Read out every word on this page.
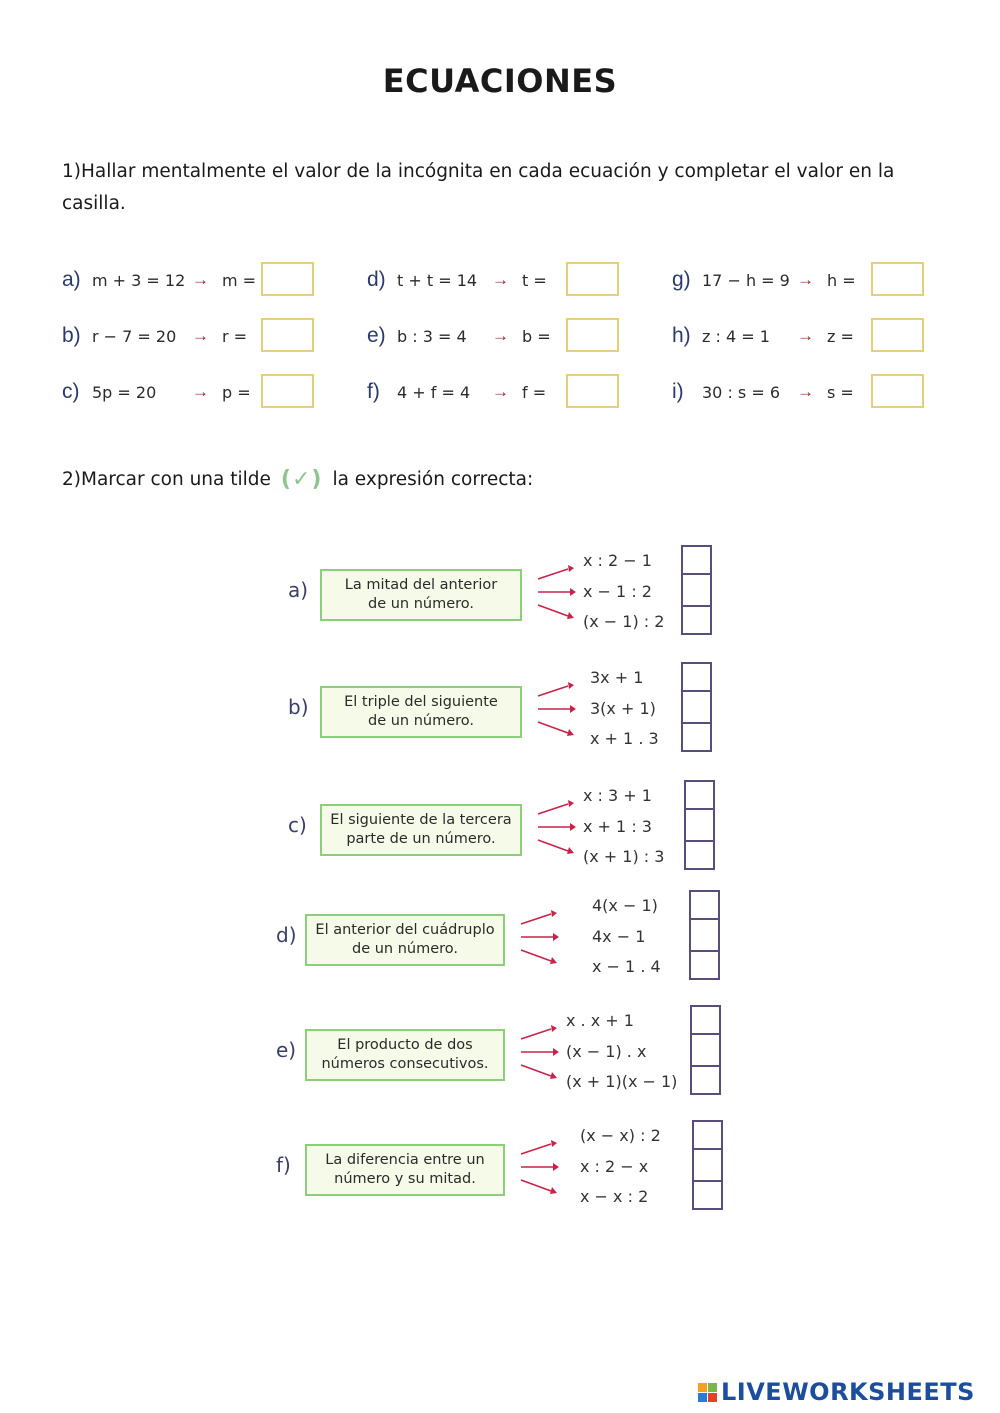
ECUACIONES
1)Hallar mentalmente el valor de la incógnita en cada ecuación y completar el valor en la casilla.
a) m + 3 = 12 → m =
b) r − 7 = 20 → r =
c) 5p = 20 → p =
d) t + t = 14 → t =
e) b : 3 = 4 → b =
f)	4 + f = 4 → f =
g) 17 − h = 9 → h =
h) z : 4 = 1 → z =
i)	30 : s = 6 → s =
2)Marcar con una tilde (✓) la expresión correcta:
a)	La mitad del anterior
de un número.
x : 2 − 1
x − 1 : 2
(x − 1) : 2
b)	El triple del siguiente
de un número.
3x + 1
3(x + 1)
x + 1 . 3
c)	El siguiente de la tercera
parte de un número.
x : 3 + 1
x + 1 : 3
(x + 1) : 3
d)	El anterior del cuádruplo
de un número.
4(x − 1)
4x − 1
x − 1 . 4
e)	El producto de dos
números consecutivos.
x . x + 1
(x − 1) . x
(x + 1)(x − 1)
f)	La diferencia entre un
número y su mitad.
(x − x) : 2
x : 2 − x
x − x : 2
LIVEWORKSHEETS
